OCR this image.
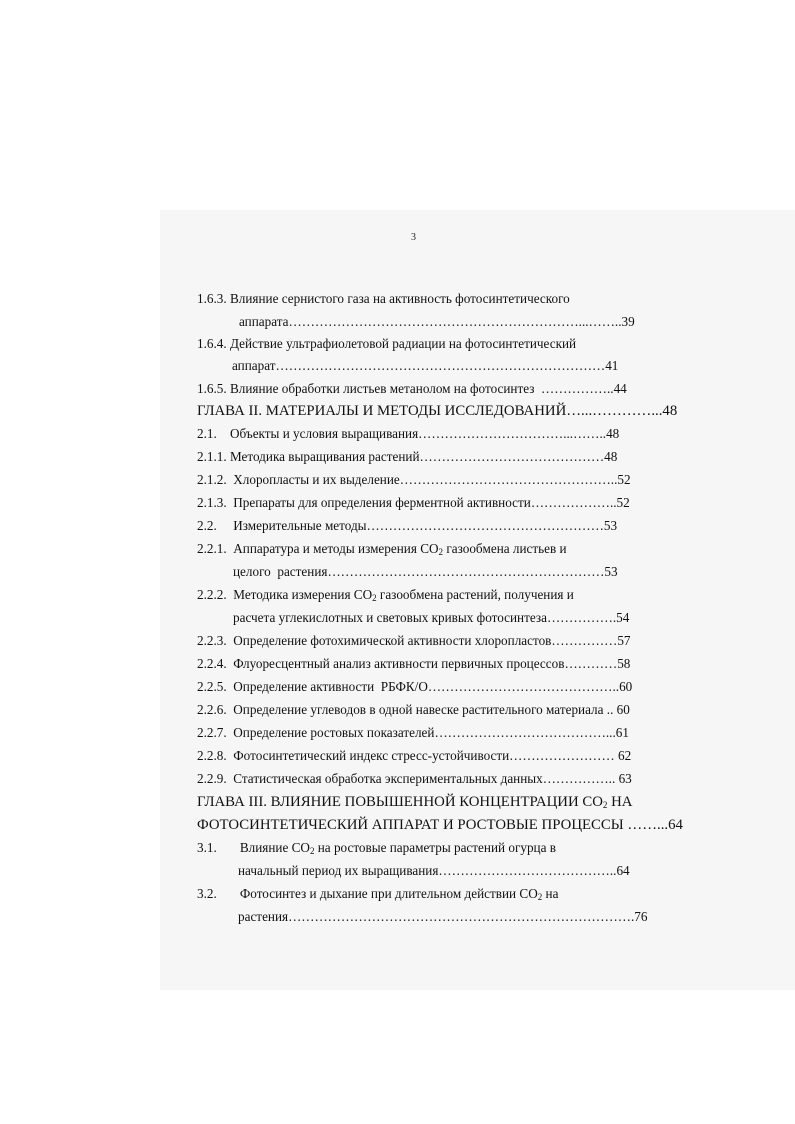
3
1.6.3. Влияние сернистого газа на активность фотосинтетического
аппарата…………………………………………………………...……..39
1.6.4. Действие ультрафиолетовой радиации на фотосинтетический
аппарат…………………………………………………………………41
1.6.5. Влияние обработки листьев метанолом на фотосинтез  ……………..44
ГЛАВА II. МАТЕРИАЛЫ И МЕТОДЫ ИССЛЕДОВАНИЙ…...…………...48
2.1.    Объекты и условия выращивания……………………………...……..48
2.1.1. Методика выращивания растений……………………………………48
2.1.2.  Хлоропласты и их выделение…………………………………………..52
2.1.3.  Препараты для определения ферментной активности………………..52
2.2.     Измерительные методы………………………………………………53
2.2.1.  Аппаратура и методы измерения $CO_2$ газообмена листьев и
целого  растения………………………………………………………53
2.2.2.  Методика измерения $CO_2$ газообмена растений, получения и
расчета углекислотных и световых кривых фотосинтеза…………….54
2.2.3.  Определение фотохимической активности хлоропластов……………57
2.2.4.  Флуоресцентный анализ активности первичных процессов…………58
2.2.5.  Определение активности  РБФК/О……………………………………..60
2.2.6.  Определение углеводов в одной навеске растительного материала .. 60
2.2.7.  Определение ростовых показателей…………………………………...61
2.2.8.  Фотосинтетический индекс стресс-устойчивости…………………… 62
2.2.9.  Статистическая обработка экспериментальных данных…………….. 63
ГЛАВА III. ВЛИЯНИЕ ПОВЫШЕННОЙ КОНЦЕНТРАЦИИ $CO_2$ НА
ФОТОСИНТЕТИЧЕСКИЙ АППАРАТ И РОСТОВЫЕ ПРОЦЕССЫ ……...64
3.1.       Влияние $CO_2$ на ростовые параметры растений огурца в
начальный период их выращивания…………………………………..64
3.2.       Фотосинтез и дыхание при длительном действии $CO_2$ на
растения…………………………………………………………………….76
